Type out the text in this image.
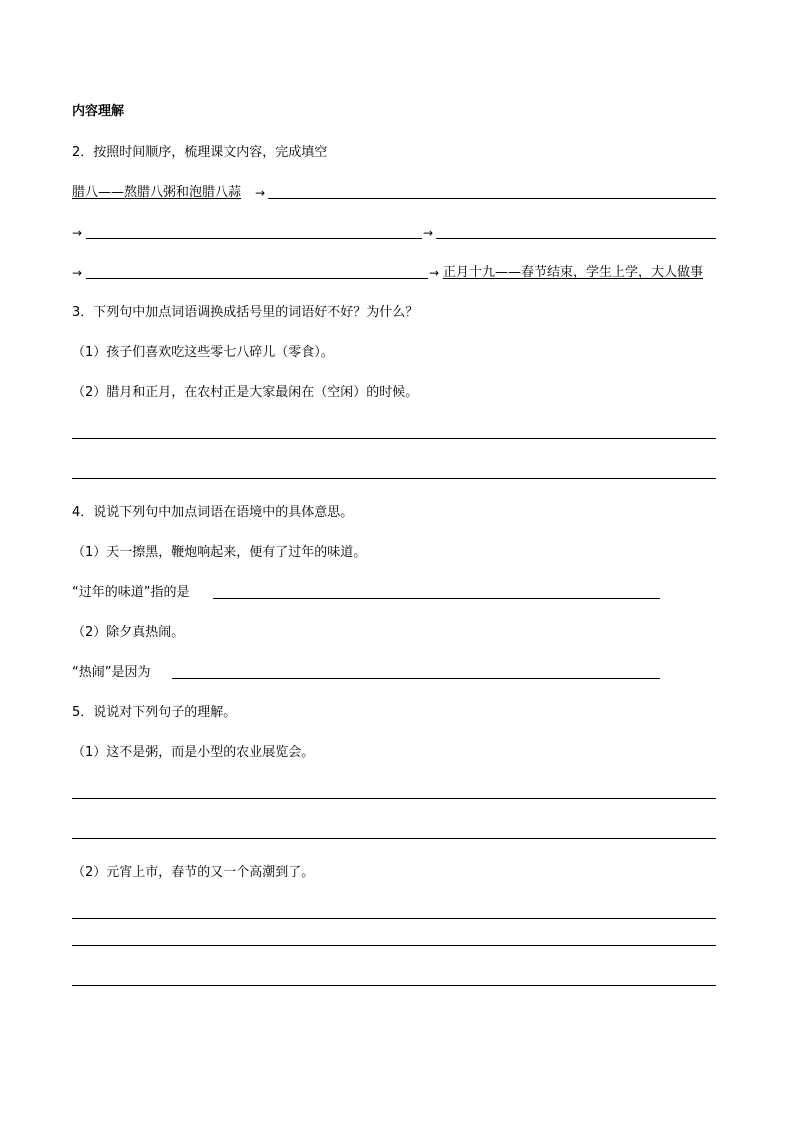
内容理解
2．按照时间顺序，梳理课文内容，完成填空
腊八——熬腊八粥和泡腊八蒜 →
→	→
→	→ 正月十九——春节结束，学生上学，大人做事
3．下列句中加点词语调换成括号里的词语好不好？为什么？
（1）孩子们喜欢吃这些零七八碎儿（零食）。
（2）腊月和正月，在农村正是大家最闲在（空闲）的时候。
4．说说下列句中加点词语在语境中的具体意思。
（1）天一擦黑，鞭炮响起来，便有了过年的味道。
“过年的味道”指的是
（2）除夕真热闹。
“热闹”是因为
5．说说对下列句子的理解。
（1）这不是粥，而是小型的农业展览会。
（2）元宵上市，春节的又一个高潮到了。
